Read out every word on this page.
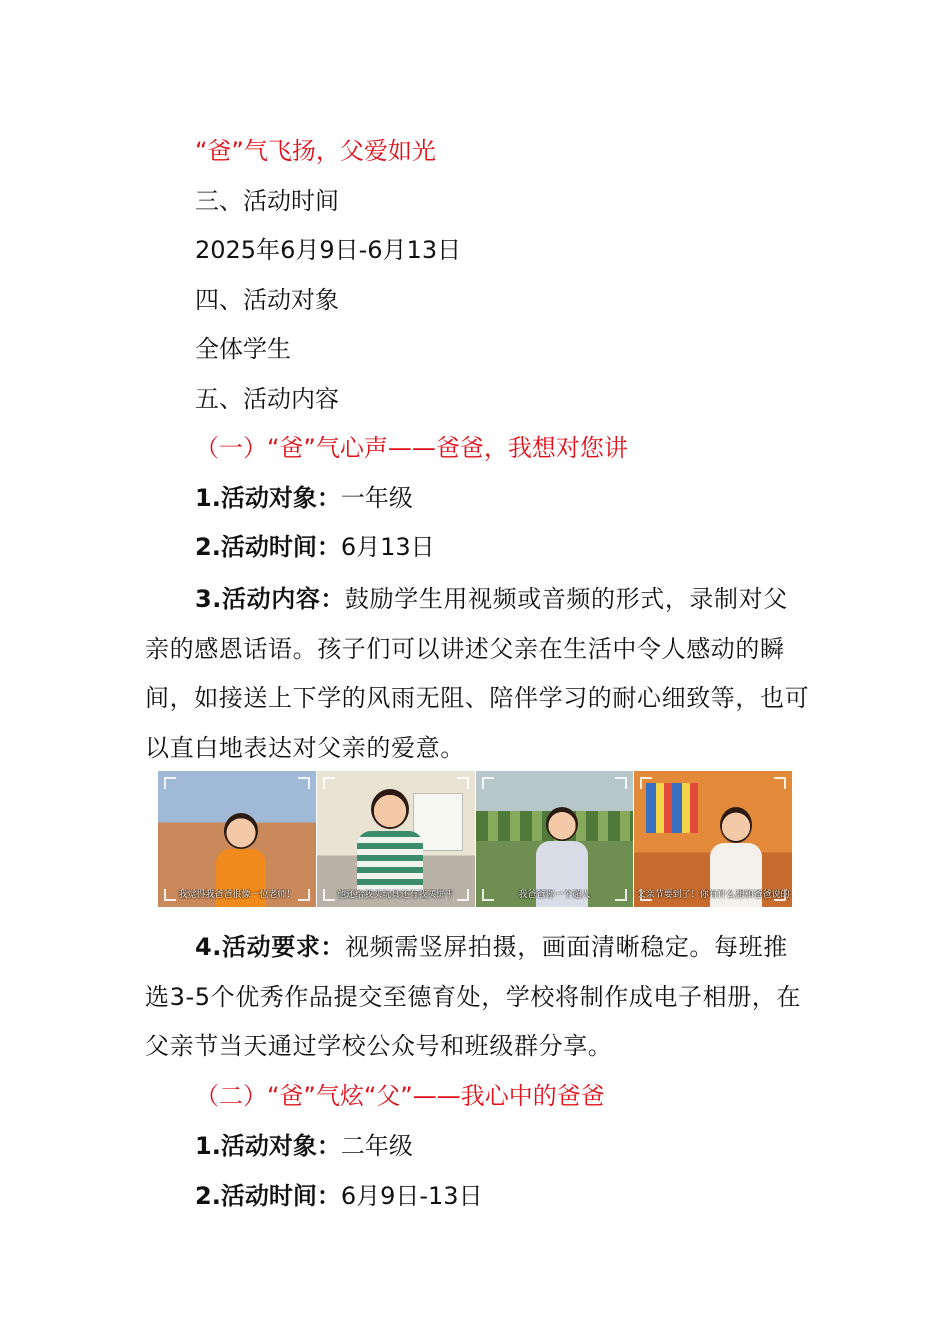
“爸”气飞扬，父爱如光
三、活动时间
2025年6月9日-6月13日
四、活动对象
全体学生
五、活动内容
（一）“爸”气心声——爸爸，我想对您讲
1.活动对象：一年级
2.活动时间：6月13日
3.活动内容：鼓励学生用视频或音频的形式，录制对父亲的感恩话语。孩子们可以讲述父亲在生活中令人感动的瞬间，如接送上下学的风雨无阻、陪伴学习的耐心细致等，也可以直白地表达对父亲的爱意。
我觉得我爸爸很像一位老师！	他还给我买玩具还有我买饼干	我爸爸你一个超人	父亲节要到了！你有什么想和爸爸说的
4.活动要求：视频需竖屏拍摄，画面清晰稳定。每班推选3-5个优秀作品提交至德育处，学校将制作成电子相册，在父亲节当天通过学校公众号和班级群分享。
（二）“爸”气炫“父”——我心中的爸爸
1.活动对象：二年级
2.活动时间：6月9日-13日
